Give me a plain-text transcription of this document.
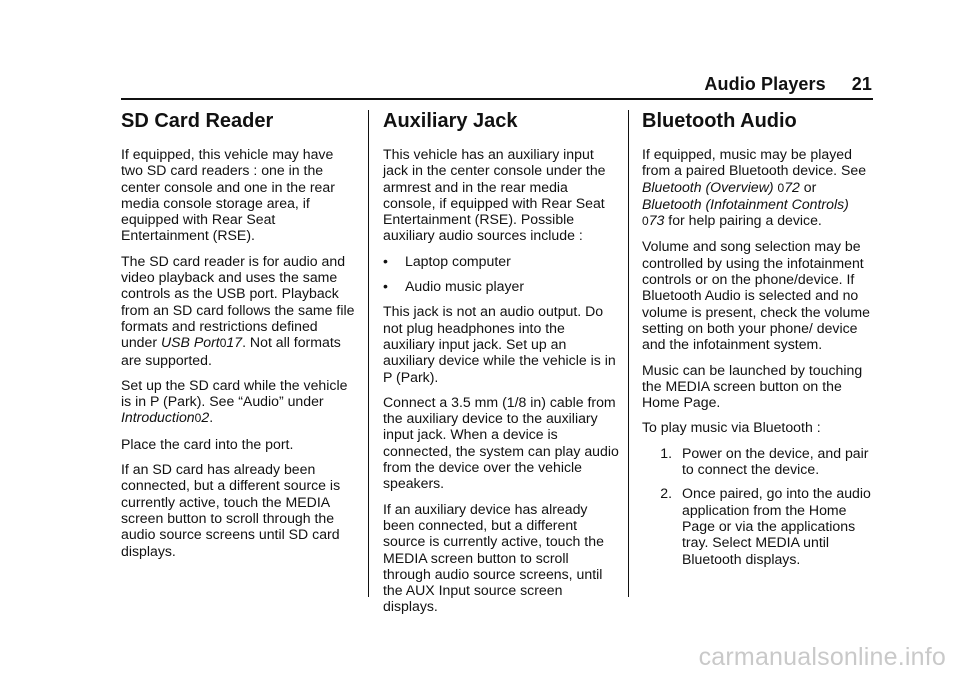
Audio Players 21
SD Card Reader

If equipped, this vehicle may have two SD card readers : one in the center console and one in the rear media console storage area, if equipped with Rear Seat Entertainment (RSE).

The SD card reader is for audio and video playback and uses the same controls as the USB port. Playback from an SD card follows the same file formats and restrictions defined under USB Port017. Not all formats are supported.

Set up the SD card while the vehicle is in P (Park). See “Audio” under Introduction02.

Place the card into the port.

If an SD card has already been connected, but a different source is currently active, touch the MEDIA screen button to scroll through the audio source screens until SD card displays.

Auxiliary Jack

This vehicle has an auxiliary input jack in the center console under the armrest and in the rear media console, if equipped with Rear Seat Entertainment (RSE). Possible auxiliary audio sources include :

•	Laptop computer
•	Audio music player

This jack is not an audio output. Do not plug headphones into the auxiliary input jack. Set up an auxiliary device while the vehicle is in P (Park).

Connect a 3.5 mm (1/8 in) cable from the auxiliary device to the auxiliary input jack. When a device is connected, the system can play audio from the device over the vehicle speakers.

If an auxiliary device has already been connected, but a different source is currently active, touch the MEDIA screen button to scroll through audio source screens, until the AUX Input source screen displays.

Bluetooth Audio

If equipped, music may be played from a paired Bluetooth device. See Bluetooth (Overview) 072 or Bluetooth (Infotainment Controls)
073 for help pairing a device.

Volume and song selection may be controlled by using the infotainment controls or on the phone/device. If Bluetooth Audio is selected and no volume is present, check the volume setting on both your phone/ device and the infotainment system.

Music can be launched by touching the MEDIA screen button on the Home Page.

To play music via Bluetooth :

1. Power on the device, and pair to connect the device.
2. Once paired, go into the audio application from the Home Page or via the applications tray. Select MEDIA until Bluetooth displays.
carmanualsonline.info
